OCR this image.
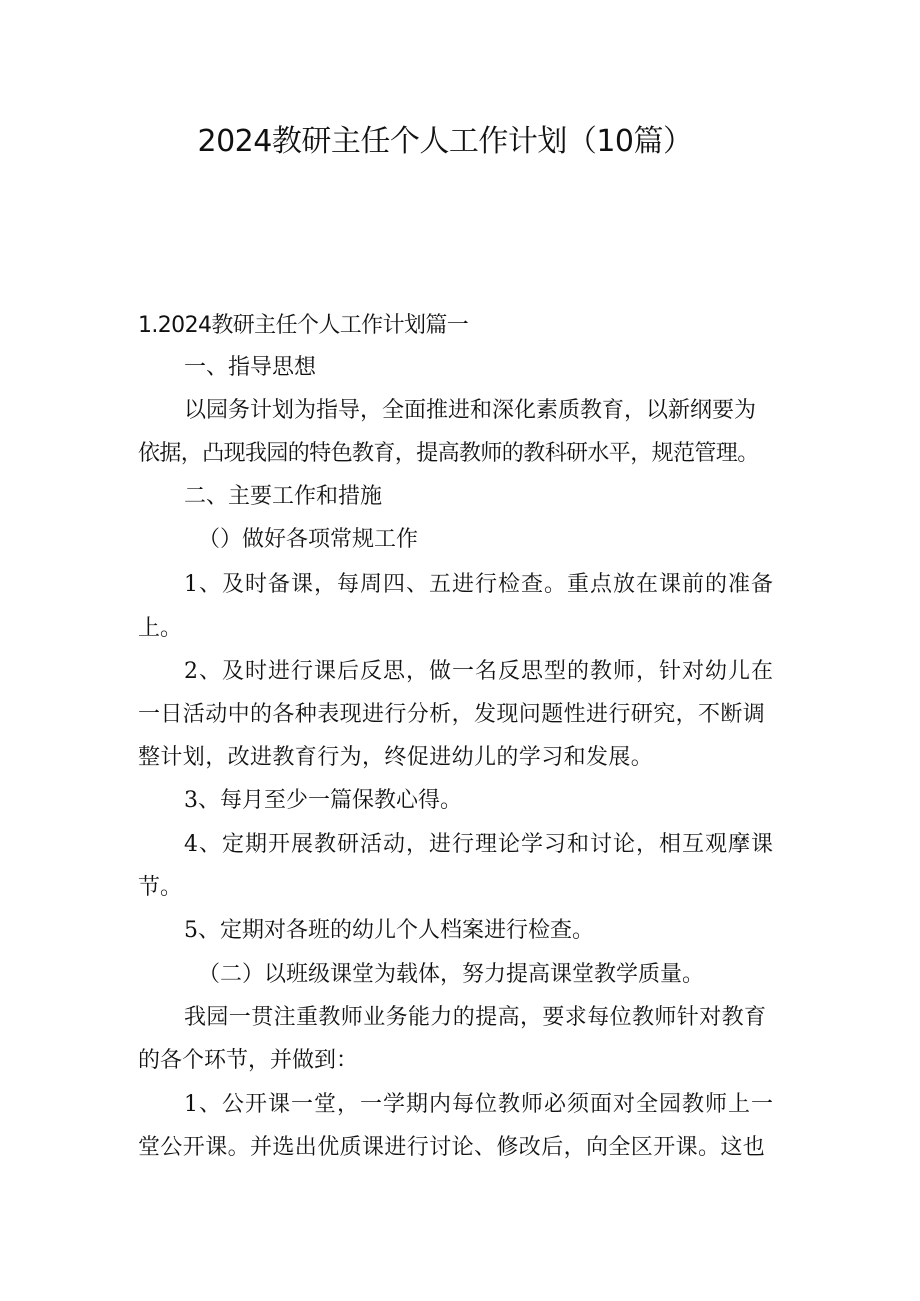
2024教研主任个人工作计划（10篇）
1.2024教研主任个人工作计划篇一
一、指导思想
以园务计划为指导，全面推进和深化素质教育，以新纲要为
依据，凸现我园的特色教育，提高教师的教科研水平，规范管理。
二、主要工作和措施
（）做好各项常规工作
1、及时备课，每周四、五进行检查。重点放在课前的准备
上。
2、及时进行课后反思，做一名反思型的教师，针对幼儿在
一日活动中的各种表现进行分析，发现问题性进行研究，不断调
整计划，改进教育行为，终促进幼儿的学习和发展。
3、每月至少一篇保教心得。
4、定期开展教研活动，进行理论学习和讨论，相互观摩课
节。
5、定期对各班的幼儿个人档案进行检查。
（二）以班级课堂为载体，努力提高课堂教学质量。
我园一贯注重教师业务能力的提高，要求每位教师针对教育
的各个环节，并做到：
1、公开课一堂，一学期内每位教师必须面对全园教师上一
堂公开课。并选出优质课进行讨论、修改后，向全区开课。这也
